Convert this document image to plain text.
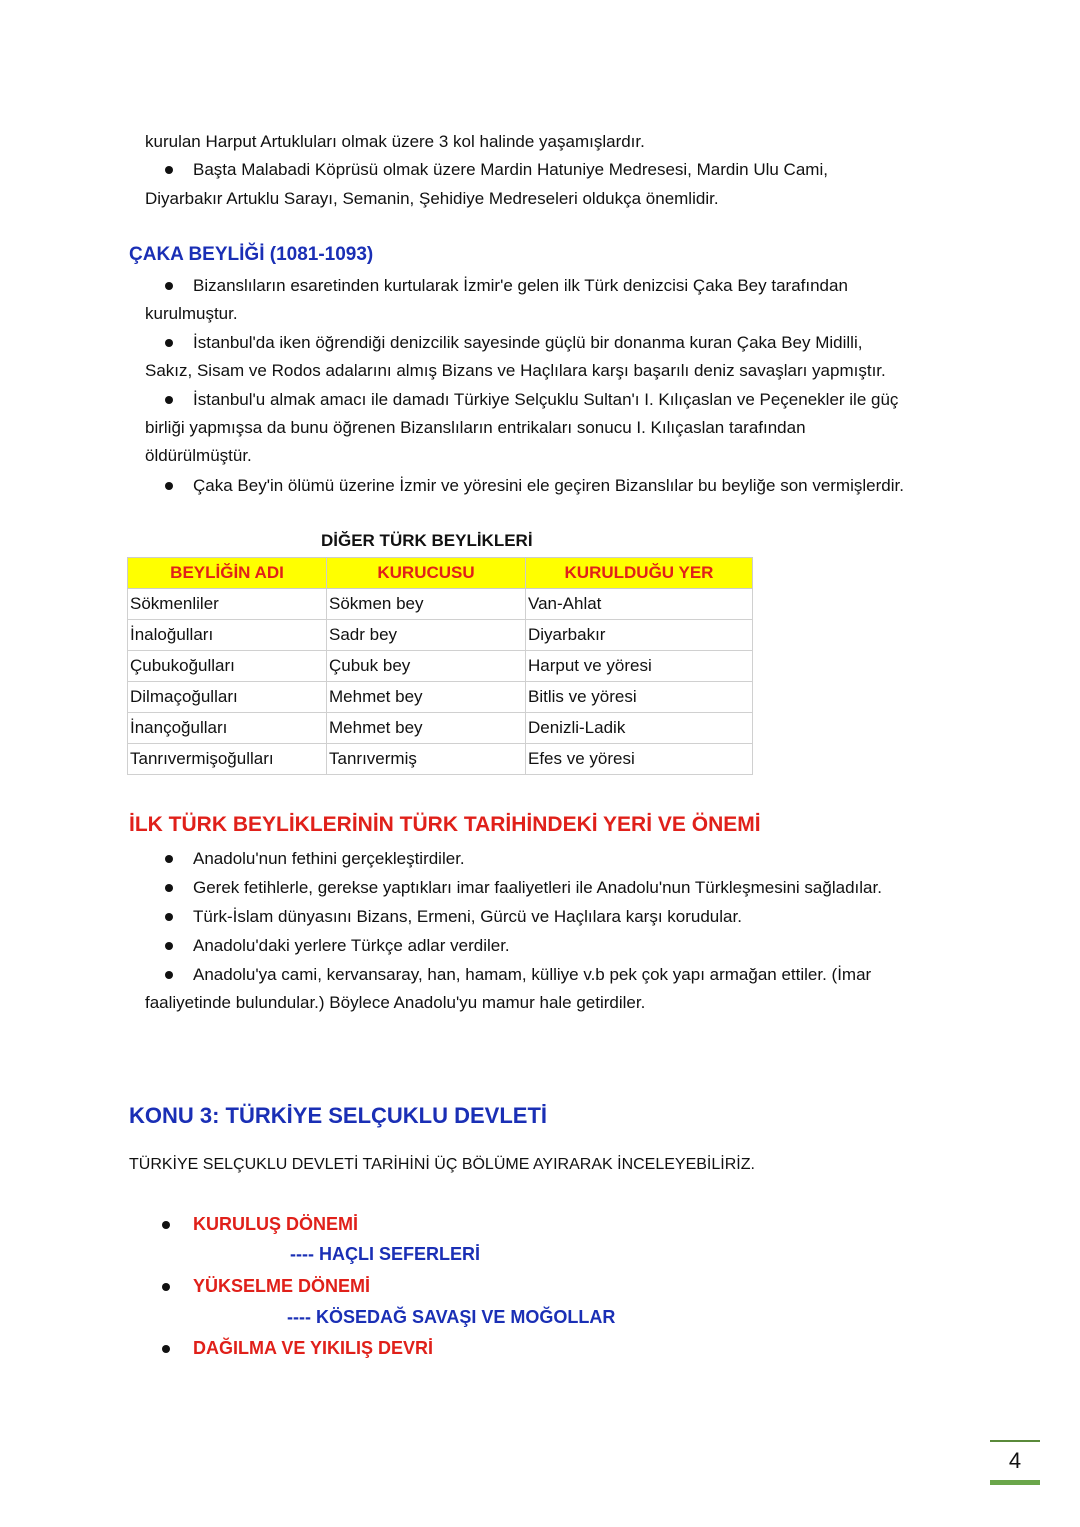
kurulan Harput Artukluları olmak üzere 3 kol halinde yaşamışlardır.
Başta Malabadi Köprüsü olmak üzere Mardin Hatuniye Medresesi, Mardin Ulu Cami,
Diyarbakır Artuklu Sarayı, Semanin, Şehidiye Medreseleri oldukça önemlidir.
ÇAKA BEYLİĞİ (1081-1093)
Bizanslıların esaretinden kurtularak İzmir'e gelen ilk Türk denizcisi Çaka Bey tarafından
kurulmuştur.
İstanbul'da iken öğrendiği denizcilik sayesinde güçlü bir donanma kuran Çaka Bey Midilli,
Sakız, Sisam ve Rodos adalarını almış Bizans ve Haçlılara karşı başarılı deniz savaşları yapmıştır.
İstanbul'u almak amacı ile damadı Türkiye Selçuklu Sultan'ı I. Kılıçaslan ve Peçenekler ile güç
birliği yapmışsa da bunu öğrenen Bizanslıların entrikaları sonucu I. Kılıçaslan tarafından
öldürülmüştür.
Çaka Bey'in ölümü üzerine İzmir ve yöresini ele geçiren Bizanslılar bu beyliğe son vermişlerdir.
DİĞER TÜRK BEYLİKLERİ
BEYLİĞİN ADI	KURUCUSU	KURULDUĞU YER
Sökmenliler	Sökmen bey	Van-Ahlat
İnaloğulları	Sadr bey	Diyarbakır
Çubukoğulları	Çubuk bey	Harput ve yöresi
Dilmaçoğulları	Mehmet bey	Bitlis ve yöresi
İnançoğulları	Mehmet bey	Denizli-Ladik
Tanrıvermişoğulları	Tanrıvermiş	Efes ve yöresi
İLK TÜRK BEYLİKLERİNİN TÜRK TARİHİNDEKİ YERİ VE ÖNEMİ
Anadolu'nun fethini gerçekleştirdiler.
Gerek fetihlerle, gerekse yaptıkları imar faaliyetleri ile Anadolu'nun Türkleşmesini sağladılar.
Türk-İslam dünyasını Bizans, Ermeni, Gürcü ve Haçlılara karşı korudular.
Anadolu'daki yerlere Türkçe adlar verdiler.
Anadolu'ya cami, kervansaray, han, hamam, külliye v.b pek çok yapı armağan ettiler. (İmar
faaliyetinde bulundular.) Böylece Anadolu'yu mamur hale getirdiler.
KONU 3: TÜRKİYE SELÇUKLU DEVLETİ
TÜRKİYE SELÇUKLU DEVLETİ TARİHİNİ ÜÇ BÖLÜME AYIRARAK İNCELEYEBİLİRİZ.
KURULUŞ DÖNEMİ
---- HAÇLI SEFERLERİ
YÜKSELME DÖNEMİ
---- KÖSEDAĞ SAVAŞI VE MOĞOLLAR
DAĞILMA VE YIKILIŞ DEVRİ
4
